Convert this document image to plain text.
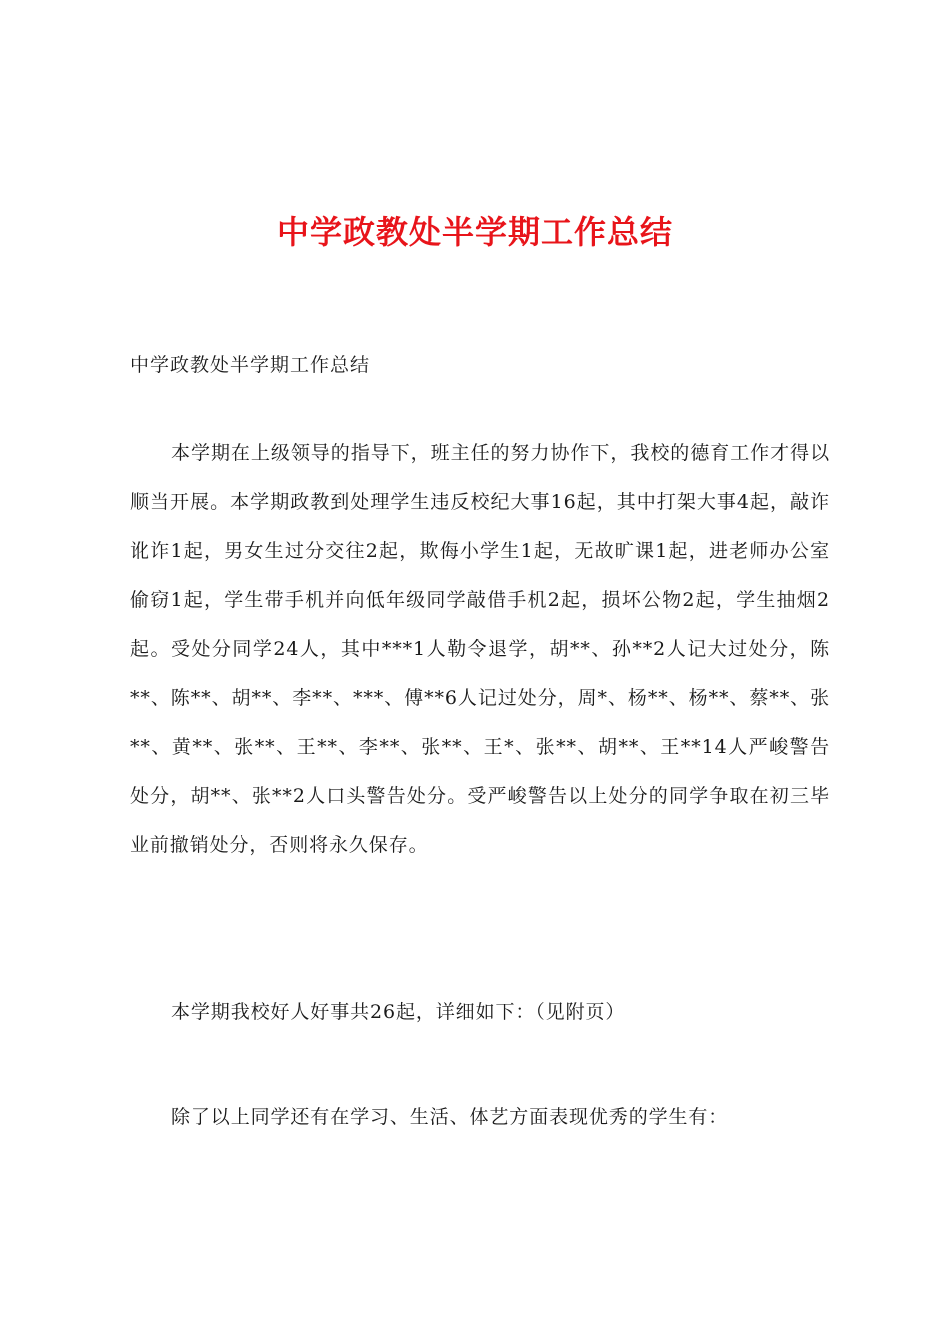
中学政教处半学期工作总结

中学政教处半学期工作总结

本学期在上级领导的指导下，班主任的努力协作下，我校的德育工作才得以顺当开展。本学期政教到处理学生违反校纪大事16起，其中打架大事4起，敲诈讹诈1起，男女生过分交往2起，欺侮小学生1起，无故旷课1起，进老师办公室偷窃1起，学生带手机并向低年级同学敲借手机2起，损坏公物2起，学生抽烟2起。受处分同学24人，其中***1人勒令退学，胡**、孙**2人记大过处分，陈**、陈**、胡**、李**、***、傅**6人记过处分，周*、杨**、杨**、蔡**、张**、黄**、张**、王**、李**、张**、王*、张**、胡**、王**14人严峻警告处分，胡**、张**2人口头警告处分。受严峻警告以上处分的同学争取在初三毕业前撤销处分，否则将永久保存。

本学期我校好人好事共26起，详细如下：（见附页）

除了以上同学还有在学习、生活、体艺方面表现优秀的学生有：
